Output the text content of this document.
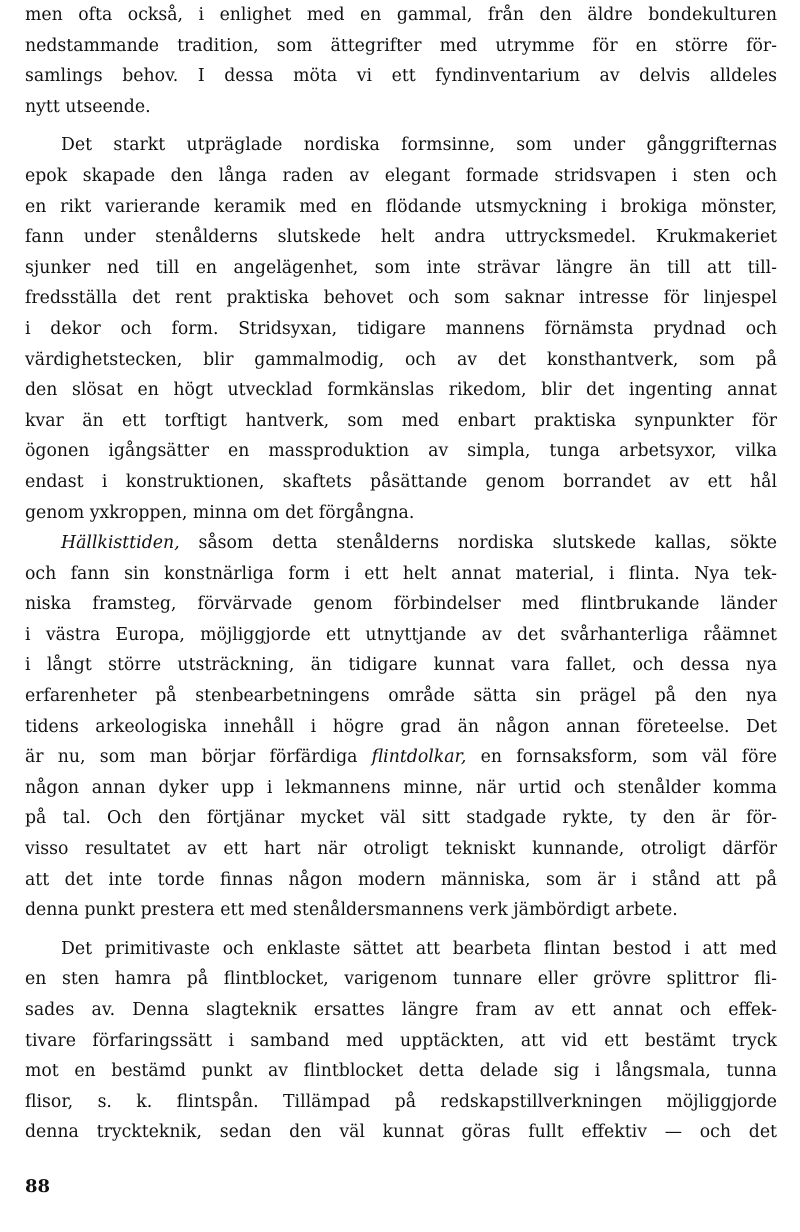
men ofta också, i enlighet med en gammal, från den äldre bondekulturen
nedstammande tradition, som ättegrifter med utrymme för en större för-
samlings behov. I dessa möta vi ett fyndinventarium av delvis alldeles
nytt utseende.

Det starkt utpräglade nordiska formsinne, som under gånggrifternas
epok skapade den långa raden av elegant formade stridsvapen i sten och
en rikt varierande keramik med en flödande utsmyckning i brokiga mönster,
fann under stenålderns slutskede helt andra uttrycksmedel. Krukmakeriet
sjunker ned till en angelägenhet, som inte strävar längre än till att till-
fredsställa det rent praktiska behovet och som saknar intresse för linjespel
i dekor och form. Stridsyxan, tidigare mannens förnämsta prydnad och
värdighetstecken, blir gammalmodig, och av det konsthantverk, som på
den slösat en högt utvecklad formkänslas rikedom, blir det ingenting annat
kvar än ett torftigt hantverk, som med enbart praktiska synpunkter för
ögonen igångsätter en massproduktion av simpla, tunga arbetsyxor, vilka
endast i konstruktionen, skaftets påsättande genom borrandet av ett hål
genom yxkroppen, minna om det förgångna.

Hällkisttiden, såsom detta stenålderns nordiska slutskede kallas, sökte
och fann sin konstnärliga form i ett helt annat material, i flinta. Nya tek-
niska framsteg, förvärvade genom förbindelser med flintbrukande länder
i västra Europa, möjliggjorde ett utnyttjande av det svårhanterliga råämnet
i långt större utsträckning, än tidigare kunnat vara fallet, och dessa nya
erfarenheter på stenbearbetningens område sätta sin prägel på den nya
tidens arkeologiska innehåll i högre grad än någon annan företeelse. Det
är nu, som man börjar förfärdiga flintdolkar, en fornsaksform, som väl före
någon annan dyker upp i lekmannens minne, när urtid och stenålder komma
på tal. Och den förtjänar mycket väl sitt stadgade rykte, ty den är för-
visso resultatet av ett hart när otroligt tekniskt kunnande, otroligt därför
att det inte torde finnas någon modern människa, som är i stånd att på
denna punkt prestera ett med stenåldersmannens verk jämbördigt arbete.

Det primitivaste och enklaste sättet att bearbeta flintan bestod i att med
en sten hamra på flintblocket, varigenom tunnare eller grövre splittror fli-
sades av. Denna slagteknik ersattes längre fram av ett annat och effek-
tivare förfaringssätt i samband med upptäckten, att vid ett bestämt tryck
mot en bestämd punkt av flintblocket detta delade sig i långsmala, tunna
flisor, s. k. flintspån. Tillämpad på redskapstillverkningen möjliggjorde
denna tryckteknik, sedan den väl kunnat göras fullt effektiv — och det

88
